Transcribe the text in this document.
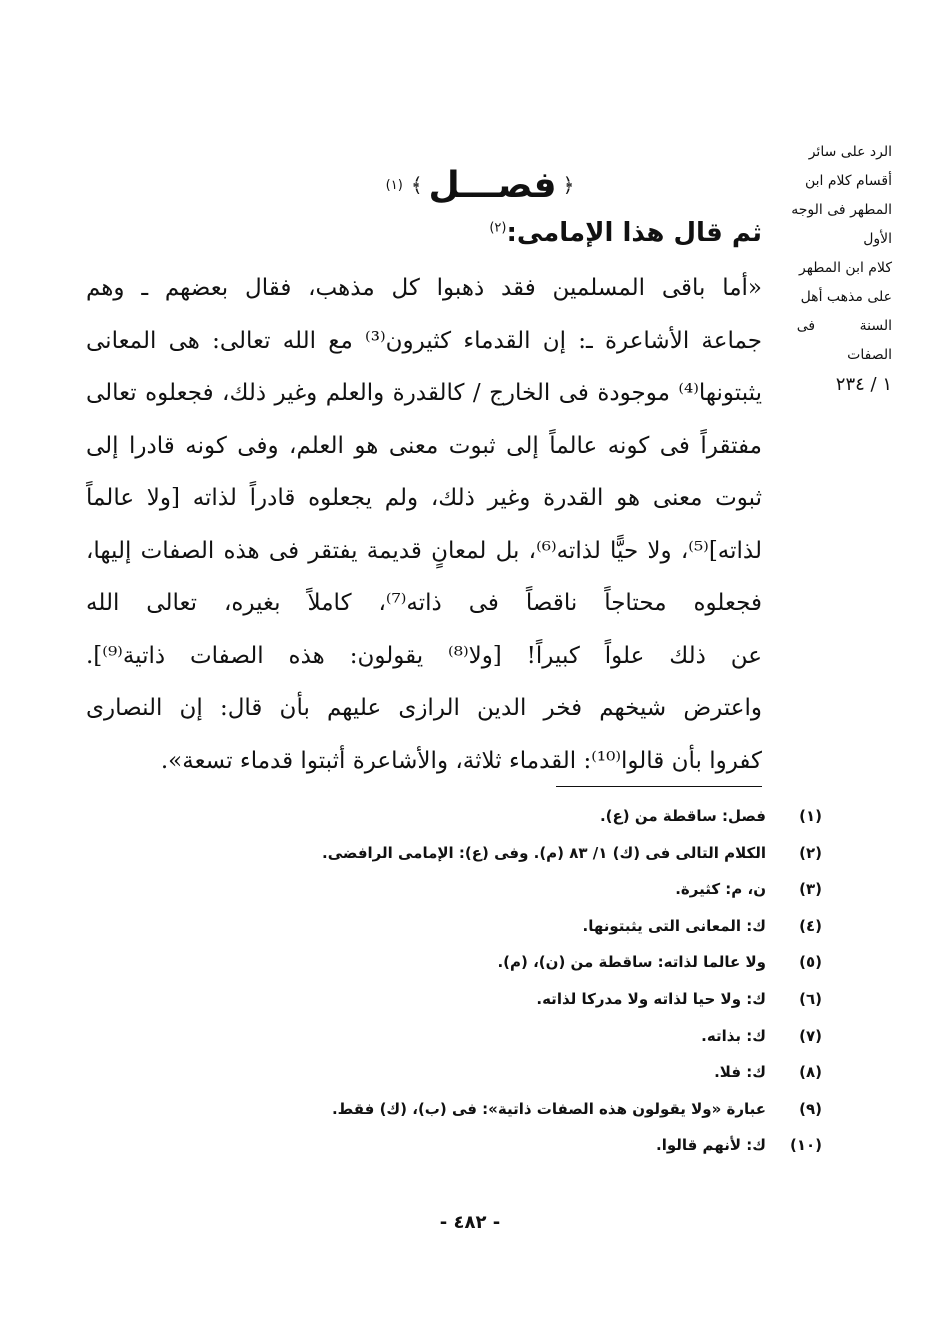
الرد على سائر
أقسام كلام ابن
المطهر فى الوجه
الأول
كلام ابن المطهر
على مذهب أهل
السنة          فى
الصفات
١ / ٢٣٤
﴿
فصـــل
﴾
(١)
ثم قال هذا الإمامى:$^{(٢)}$
«أما باقى المسلمين فقد ذهبوا كل مذهب، فقال بعضهم ـ وهم
جماعة الأشاعرة ـ: إن القدماء كثيرون⁽³⁾ مع الله تعالى: هى المعانى
يثبتونها⁽⁴⁾ موجودة فى الخارج / كالقدرة والعلم وغير ذلك، فجعلوه تعالى
مفتقراً فى كونه عالماً إلى ثبوت معنى هو العلم، وفى كونه قادرا إلى
ثبوت معنى هو القدرة وغير ذلك، ولم يجعلوه قادراً لذاته [ولا عالماً
لذاته]⁽⁵⁾، ولا حيًّا لذاته⁽⁶⁾، بل لمعانٍ قديمة يفتقر فى هذه الصفات إليها،
فجعلوه محتاجاً ناقصاً فى ذاته⁽⁷⁾، كاملاً بغيره، تعالى الله
عن ذلك علواً كبيراً! [ولا⁽⁸⁾ يقولون: هذه الصفات ذاتية⁽⁹⁾].
واعترض شيخهم فخر الدين الرازى عليهم بأن قال: إن النصارى
كفروا بأن قالوا⁽¹⁰⁾: القدماء ثلاثة، والأشاعرة أثبتوا قدماء تسعة».
(١)
فصل: ساقطة من (ع).
(٢)
الكلام التالى فى (ك) ١/ ٨٣ (م). وفى (ع): الإمامى الرافضى.
(٣)
ن، م: كثيرة.
(٤)
ك: المعانى التى يثبتونها.
(٥)
ولا عالما لذاته: ساقطة من (ن)، (م).
(٦)
ك: ولا حيا لذاته ولا مدركا لذاته.
(٧)
ك: بذاته.
(٨)
ك: فلا.
(٩)
عبارة «ولا يقولون هذه الصفات ذاتية»: فى (ب)، (ك) فقط.
(١٠)
ك: لأنهم قالوا.
- ٤٨٢ -
